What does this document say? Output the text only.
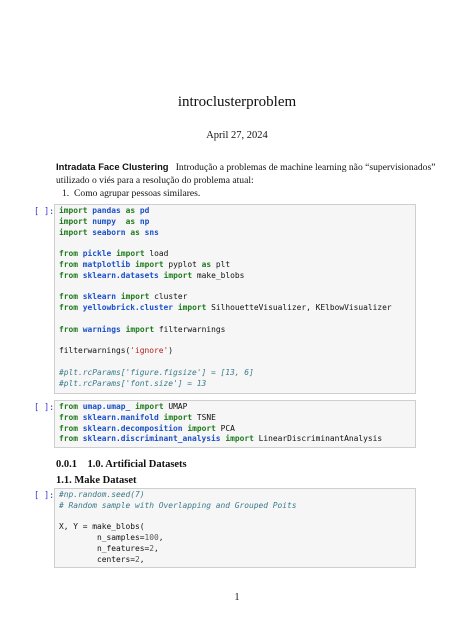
introclusterproblem
April 27, 2024
Intradata Face Clustering Introdução a problemas de machine learning não “supervisionados” utilizado o viés para a resolução do problema atual:
1. Como agrupar pessoas similares.
[ ]: import pandas as pd
import numpy as np
import seaborn as sns

from pickle import load
from matplotlib import pyplot as plt
from sklearn.datasets import make_blobs

from sklearn import cluster
from yellowbrick.cluster import SilhouetteVisualizer, KElbowVisualizer

from warnings import filterwarnings

filterwarnings('ignore')

#plt.rcParams['figure.figsize'] = [13, 6]
#plt.rcParams['font.size'] = 13
[ ]: from umap.umap_ import UMAP
from sklearn.manifold import TSNE
from sklearn.decomposition import PCA
from sklearn.discriminant_analysis import LinearDiscriminantAnalysis
0.0.1 1.0. Artificial Datasets
1.1. Make Dataset
[ ]: #np.random.seed(7)
# Random sample with Overlapping and Grouped Poits

X, Y = make_blobs(
n_samples=100,
n_features=2,
centers=2,
1
